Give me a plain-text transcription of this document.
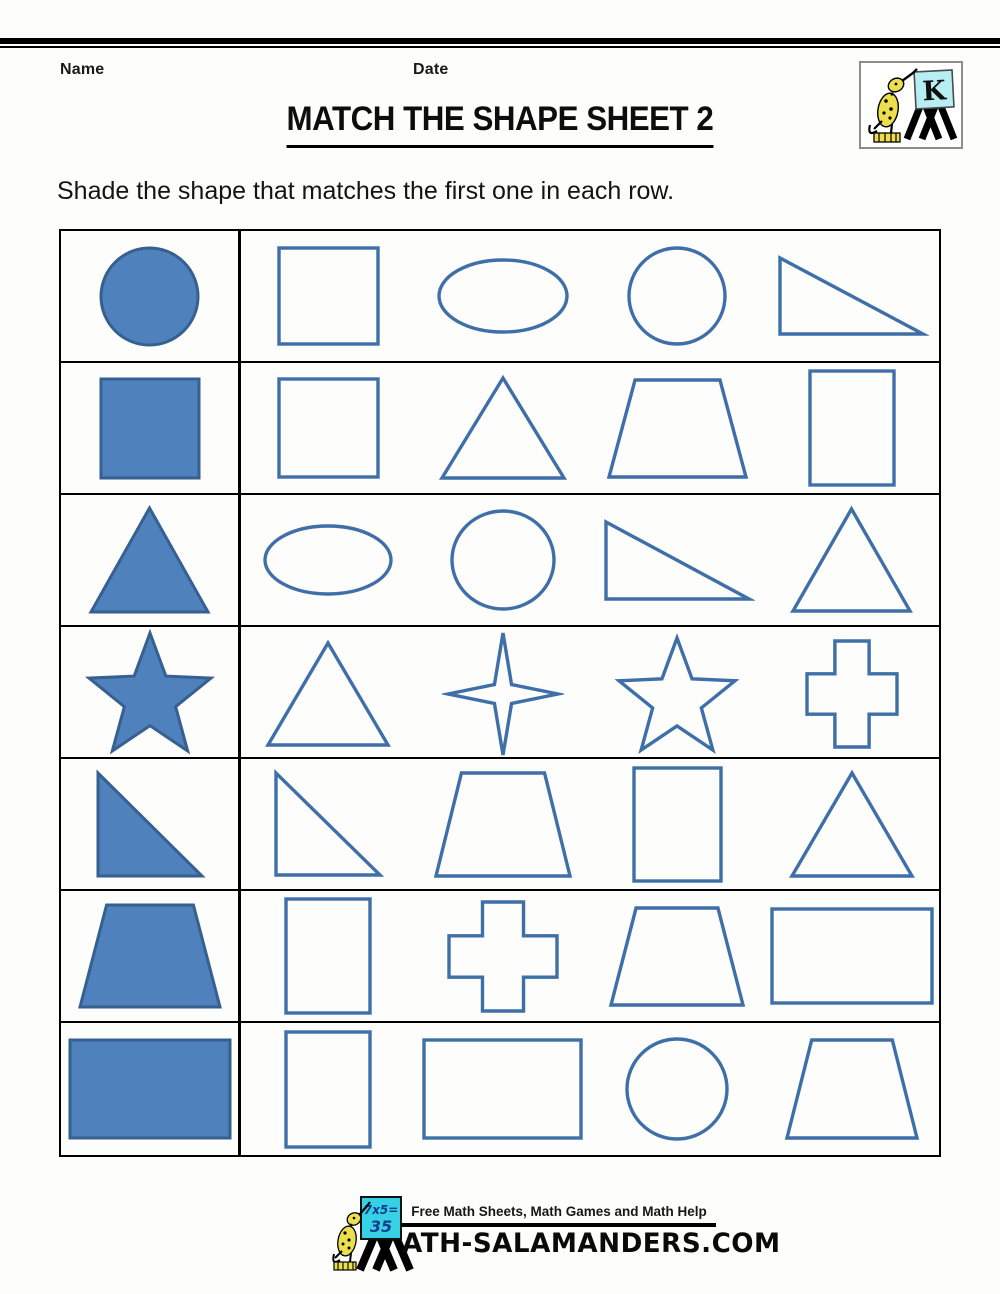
Name	Date
MATCH THE SHAPE SHEET 2
K
Shade the shape that matches the first one in each row.
7x5=
35
Free Math Sheets, Math Games and Math Help
ATH-SALAMANDERS.COM
